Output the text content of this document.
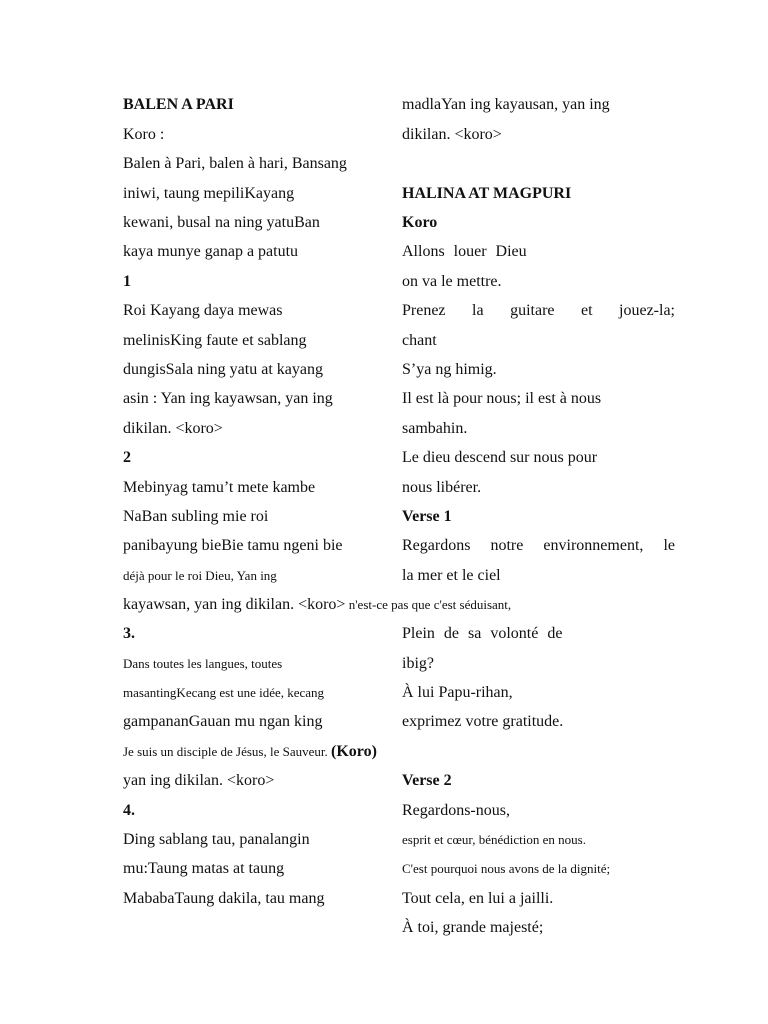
BALEN A PARI
Koro :
Balen à Pari, balen à hari, Bansang
iniwi, taung mepiliKayang
kewani, busal na ning yatuBan
kaya munye ganap a patutu
1
Roi Kayang daya mewas
melinisKing faute et sablang
dungisSala ning yatu at kayang
asin : Yan ing kayawsan, yan ing
dikilan. <koro>
2
Mebinyag tamu’t mete kambe
NaBan subling mie roi
panibayung bieBie tamu ngeni bie
déjà pour le roi Dieu, Yan ing
kayawsan, yan ing dikilan. <koro> n'est-ce pas que c'est séduisant,
3.
Dans toutes les langues, toutes
masantingKecang est une idée, kecang
gampananGauan mu ngan king
Je suis un disciple de Jésus, le Sauveur. (Koro)
yan ing dikilan. <koro>
4.
Ding sablang tau, panalangin
mu:Taung matas at taung
MababaTaung dakila, tau mang
madlaYan ing kayausan, yan ing
dikilan. <koro>
HALINA AT MAGPURI
Koro
Allons louer Dieu
on va le mettre.
Prenez la guitare et jouez-la;
chant
S’ya ng himig.
Il est là pour nous; il est à nous
sambahin.
Le dieu descend sur nous pour
nous libérer.
Verse 1
Regardons notre environnement, le
la mer et le ciel
Plein de sa volonté de
ibig?
À lui Papu-rihan,
exprimez votre gratitude.
Verse 2
Regardons-nous,
esprit et cœur, bénédiction en nous.
C'est pourquoi nous avons de la dignité;
Tout cela, en lui a jailli.
À toi, grande majesté;
